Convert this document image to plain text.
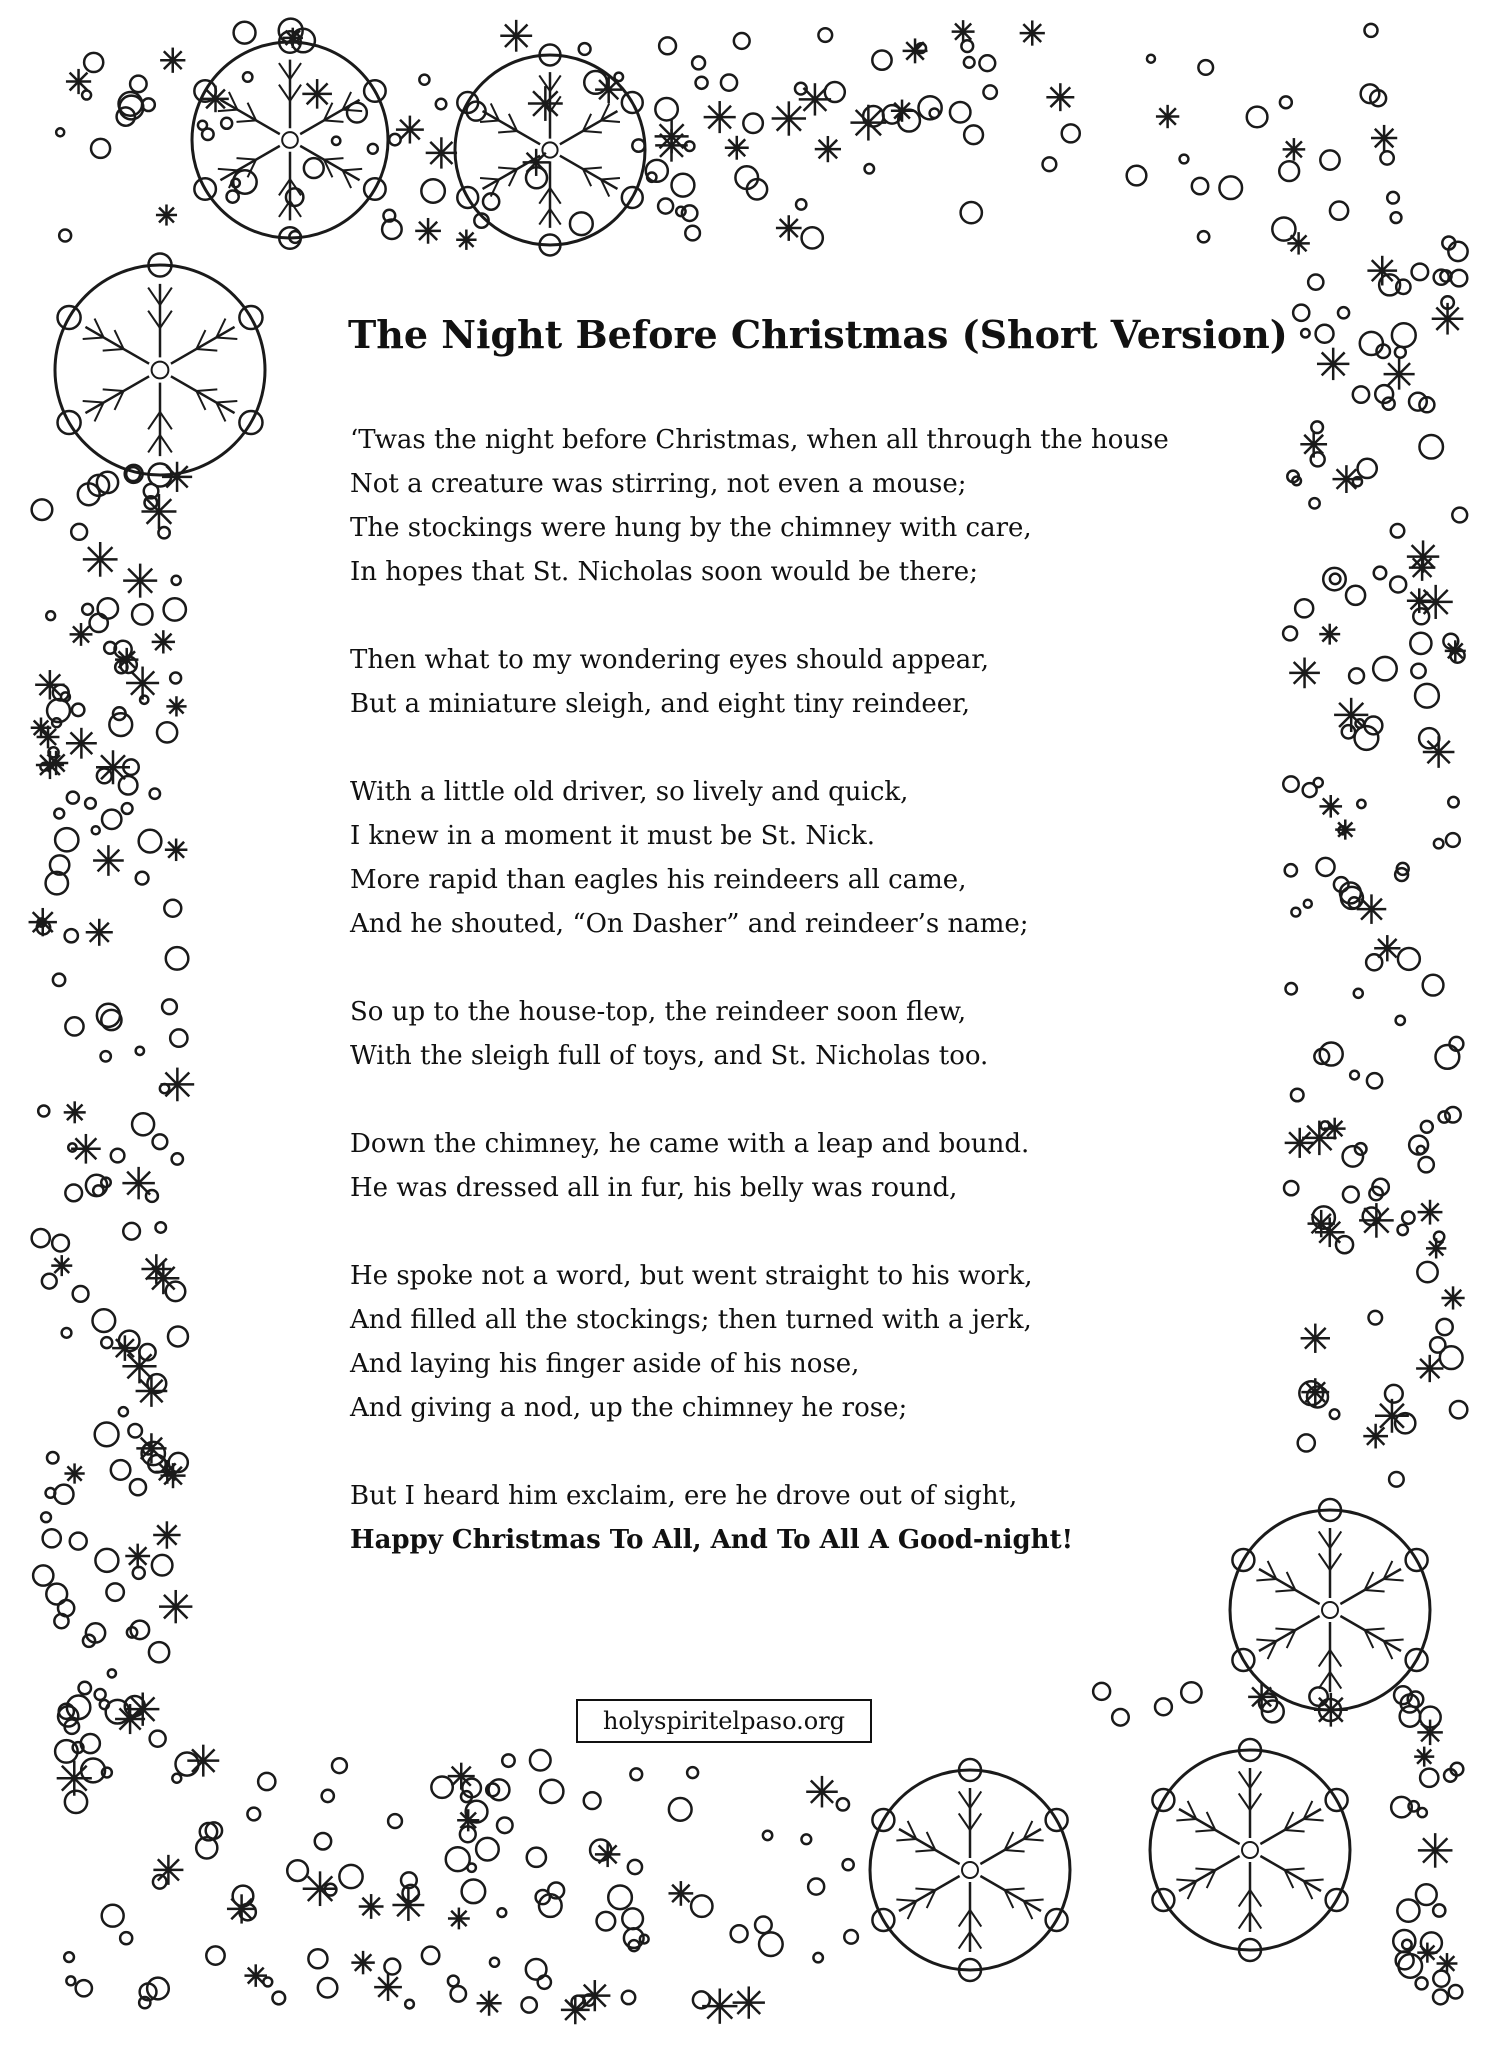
The Night Before Christmas (Short Version)
‘Twas the night before Christmas, when all through the house
Not a creature was stirring, not even a mouse;
The stockings were hung by the chimney with care,
In hopes that St. Nicholas soon would be there;
Then what to my wondering eyes should appear,
But a miniature sleigh, and eight tiny reindeer,
With a little old driver, so lively and quick,
I knew in a moment it must be St. Nick.
More rapid than eagles his reindeers all came,
And he shouted, “On Dasher” and reindeer’s name;
So up to the house-top, the reindeer soon flew,
With the sleigh full of toys, and St. Nicholas too.
Down the chimney, he came with a leap and bound.
He was dressed all in fur, his belly was round,
He spoke not a word, but went straight to his work,
And filled all the stockings; then turned with a jerk,
And laying his finger aside of his nose,
And giving a nod, up the chimney he rose;
But I heard him exclaim, ere he drove out of sight,
Happy Christmas To All, And To All A Good-night!
holyspiritelpaso.org
